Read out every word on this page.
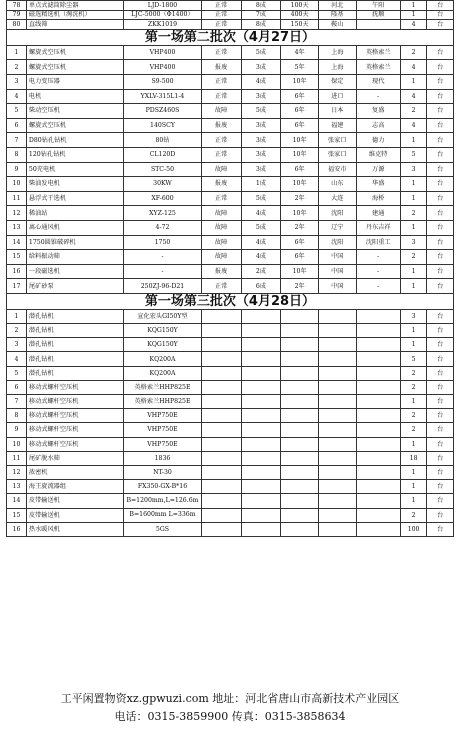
78	单点式滤筒除尘器	LJD-1800	正常	8成	100天	河北	午阳	1	台
79	磁选精选机（淘洗机）	LJC-5000（Φ1400）	正常	7成	400天	隆基	抚顺	1	台
80	直线筛	ZKK1019	正常	8成	150天	鞍山		4	台
第一场第二批次（4月27日）
1	螺旋式空压机	VHP400	正常	5成	4年	上海	英格索兰	2	台
2	螺旋式空压机	VHP400	报废	3成	5年	上海	英格索兰	4	台
3	电力变压器	S9-500	正常	4成	10年	保定	现代	1	台
4	电机	YXLV-315L1-4	正常	3成	6年	进口	-	4	台
5	柴动空压机	PDSZ460S	故障	5成	6年	日本	复盛	2	台
6	螺旋式空压机	140SCY	报废	3成	6年	福建	志高	4	台
7	D80钻孔钻机	80钻	正常	3成	10年	张家口	德力	1	台
8	120钻孔钻机	CL120D	正常	3成	10年	张家口	维克特	5	台
9	50充电机	STC-50	故障	3成	6年	福安市	万源	3	台
10	柴油发电机	30KW	报废	1成	10年	山东	华盛	1	台
11	悬浮式干选机	XF-600	正常	5成	2年	大连	海桥	1	台
12	稀油站	XYZ-125	故障	4成	10年	沈阳	建通	2	台
13	离心通风机	4-72	故障	5成	2年	辽宁	丹东吉祥	1	台
14	1750圆锥破碎机	1750	故障	4成	6年	沈阳	沈阳重工	3	台
15	给料振动筛	-	故障	4成	6年	中国	-	2	台
16	一段磁选机	-	报废	2成	10年	中国	-	1	台
17	尾矿砂泵	250ZJ-96-D21	正常	6成	2年	中国	-	1	台
第一场第三批次（4月28日）
1	潜孔钻机	宣化宏头GI50Y型						3	台
2	潜孔钻机	KQG150Y						1	台
3	潜孔钻机	KQG150Y						1	台
4	潜孔钻机	KQ200A						5	台
5	潜孔钻机	KQ200A						2	台
6	移动式螺杆空压机	英格索兰HHP825E						2	台
7	移动式螺杆空压机	英格索兰HHP825E						1	台
8	移动式螺杆空压机	VHP750E						2	台
9	移动式螺杆空压机	VHP750E						2	台
10	移动式螺杆空压机	VHP750E						1	台
11	尾矿脱水筛	1836						18	台
12	浓密机	NT-30						1	台
13	海王旋流器组	FX350-GX-B*16						1	台
14	皮带输送机	B=1200mm,L=126.6m						1	台
15	皮带输送机	B=1600mm L=336m						2	台
16	热水暖风机	5GS						100	台
工平闲置物资xz.gpwuzi.com 地址：河北省唐山市高新技术产业园区
电话：0315-3859900 传真：0315-3858634
